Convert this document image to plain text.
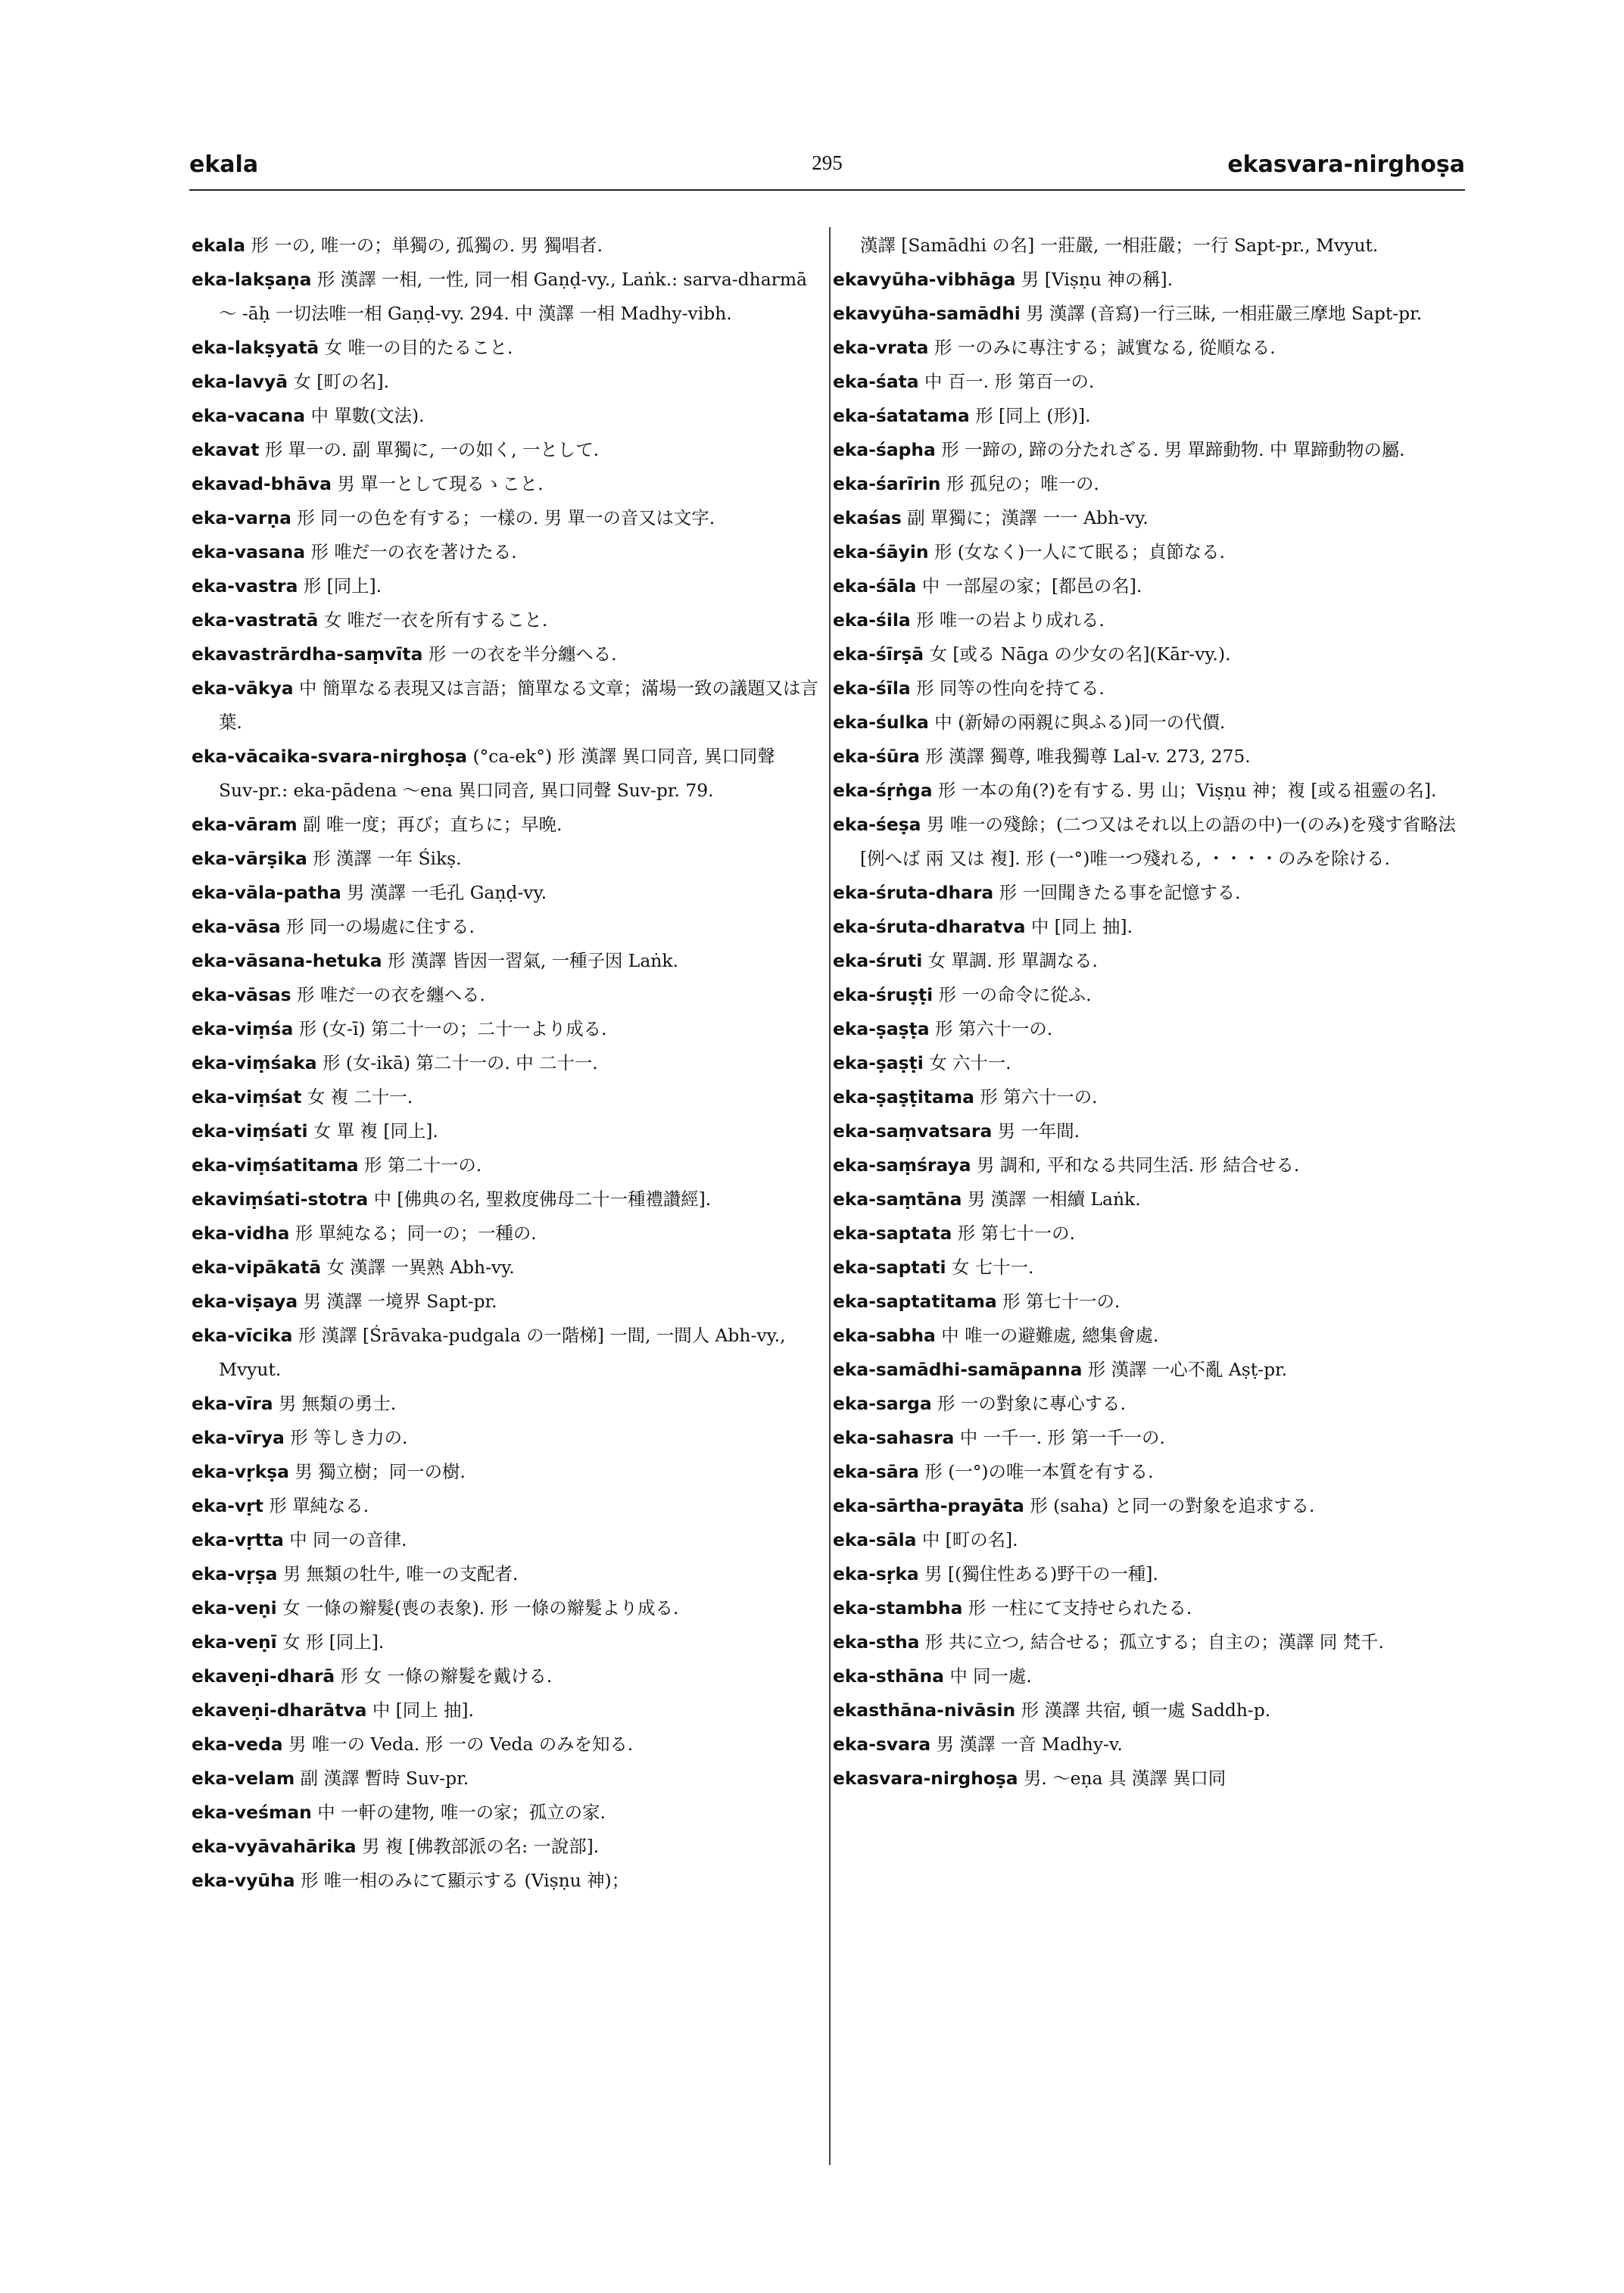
ekala	295	ekasvara-nirghoṣa

ekala 形 一の, 唯一の；単獨の, 孤獨の. 男 獨唱者.

eka-lakṣaṇa 形 漢譯 一相, 一性, 同一相 Gaṇḍ-vy., Laṅk.: sarva-dharmā ～ -āḥ 一切法唯一相 Gaṇḍ-vy. 294. 中 漢譯 一相 Madhy-vibh.

eka-lakṣyatā 女 唯一の目的たること.

eka-lavyā 女 [町の名].

eka-vacana 中 單數(文法).

ekavat 形 單一の. 副 單獨に, 一の如く, 一として.

ekavad-bhāva 男 單一として現るゝこと.

eka-varṇa 形 同一の色を有する；一樣の. 男 單一の音又は文字.

eka-vasana 形 唯だ一の衣を著けたる.

eka-vastra 形 [同上].

eka-vastratā 女 唯だ一衣を所有すること.

ekavastrārdha-saṃvīta 形 一の衣を半分纏へる.

eka-vākya 中 簡單なる表現又は言語；簡單なる文章；滿場一致の議題又は言葉.

eka-vācaika-svara-nirghoṣa (°ca-ek°) 形 漢譯 異口同音, 異口同聲 Suv-pr.: eka-pādena ～ena 異口同音, 異口同聲 Suv-pr. 79.

eka-vāram 副 唯一度；再び；直ちに；早晩.

eka-vārṣika 形 漢譯 一年 Śikṣ.

eka-vāla-patha 男 漢譯 一毛孔 Gaṇḍ-vy.

eka-vāsa 形 同一の場處に住する.

eka-vāsana-hetuka 形 漢譯 皆因一習氣, 一種子因 Laṅk.

eka-vāsas 形 唯だ一の衣を纏へる.

eka-viṃśa 形 (女-ī) 第二十一の；二十一より成る.

eka-viṃśaka 形 (女-ikā) 第二十一の. 中 二十一.

eka-viṃśat 女 複 二十一.

eka-viṃśati 女 單 複 [同上].

eka-viṃśatitama 形 第二十一の.

ekaviṃśati-stotra 中 [佛典の名, 聖救度佛母二十一種禮讚經].

eka-vidha 形 單純なる；同一の；一種の.

eka-vipākatā 女 漢譯 一異熟 Abh-vy.

eka-viṣaya 男 漢譯 一境界 Sapt-pr.

eka-vīcika 形 漢譯 [Śrāvaka-pudgala の一階梯] 一間, 一間人 Abh-vy., Mvyut.

eka-vīra 男 無類の勇士.

eka-vīrya 形 等しき力の.

eka-vṛkṣa 男 獨立樹；同一の樹.

eka-vṛt 形 單純なる.

eka-vṛtta 中 同一の音律.

eka-vṛṣa 男 無類の牡牛, 唯一の支配者.

eka-veṇi 女 一條の辮髮(喪の表象). 形 一條の辮髮より成る.

eka-veṇī 女 形 [同上].

ekaveṇi-dharā 形 女 一條の辮髮を戴ける.

ekaveṇi-dharātva 中 [同上 抽].

eka-veda 男 唯一の Veda. 形 一の Veda のみを知る.

eka-velam 副 漢譯 暫時 Suv-pr.

eka-veśman 中 一軒の建物, 唯一の家；孤立の家.

eka-vyāvahārika 男 複 [佛教部派の名: 一說部].

eka-vyūha 形 唯一相のみにて顯示する (Viṣṇu 神)；

漢譯 [Samādhi の名] 一莊嚴, 一相莊嚴；一行 Sapt-pr., Mvyut.

ekavyūha-vibhāga 男 [Viṣṇu 神の稱].

ekavyūha-samādhi 男 漢譯 (音寫)一行三昧, 一相莊嚴三摩地 Sapt-pr.

eka-vrata 形 一のみに專注する；誠實なる, 從順なる.

eka-śata 中 百一. 形 第百一の.

eka-śatatama 形 [同上 (形)].

eka-śapha 形 一蹄の, 蹄の分たれざる. 男 單蹄動物. 中 單蹄動物の屬.

eka-śarīrin 形 孤兒の；唯一の.

ekaśas 副 單獨に；漢譯 一一 Abh-vy.

eka-śāyin 形 (女なく)一人にて眠る；貞節なる.

eka-śāla 中 一部屋の家；[都邑の名].

eka-śila 形 唯一の岩より成れる.

eka-śīrṣā 女 [或る Nāga の少女の名](Kār-vy.).

eka-śīla 形 同等の性向を持てる.

eka-śulka 中 (新婦の兩親に與ふる)同一の代價.

eka-śūra 形 漢譯 獨尊, 唯我獨尊 Lal-v. 273, 275.

eka-śṛṅga 形 一本の角(?)を有する. 男 山；Viṣṇu 神；複 [或る祖靈の名].

eka-śeṣa 男 唯一の殘餘；(二つ又はそれ以上の語の中)一(のみ)を殘す省略法 [例へば 兩 又は 複]. 形 (一°)唯一つ殘れる, ・・・・のみを除ける.

eka-śruta-dhara 形 一回聞きたる事を記憶する.

eka-śruta-dharatva 中 [同上 抽].

eka-śruti 女 單調. 形 單調なる.

eka-śruṣṭi 形 一の命令に從ふ.

eka-ṣaṣṭa 形 第六十一の.

eka-ṣaṣṭi 女 六十一.

eka-ṣaṣṭitama 形 第六十一の.

eka-saṃvatsara 男 一年間.

eka-saṃśraya 男 調和, 平和なる共同生活. 形 結合せる.

eka-saṃtāna 男 漢譯 一相續 Laṅk.

eka-saptata 形 第七十一の.

eka-saptati 女 七十一.

eka-saptatitama 形 第七十一の.

eka-sabha 中 唯一の避難處, 總集會處.

eka-samādhi-samāpanna 形 漢譯 一心不亂 Aṣṭ-pr.

eka-sarga 形 一の對象に專心する.

eka-sahasra 中 一千一. 形 第一千一の.

eka-sāra 形 (一°)の唯一本質を有する.

eka-sārtha-prayāta 形 (saha) と同一の對象を追求する.

eka-sāla 中 [町の名].

eka-sṛka 男 [(獨住性ある)野干の一種].

eka-stambha 形 一柱にて支持せられたる.

eka-stha 形 共に立つ, 結合せる；孤立する；自主の；漢譯 同 梵千.

eka-sthāna 中 同一處.

ekasthāna-nivāsin 形 漢譯 共宿, 頓一處 Saddh-p.

eka-svara 男 漢譯 一音 Madhy-v.

ekasvara-nirghoṣa 男. ～eṇa 具 漢譯 異口同
